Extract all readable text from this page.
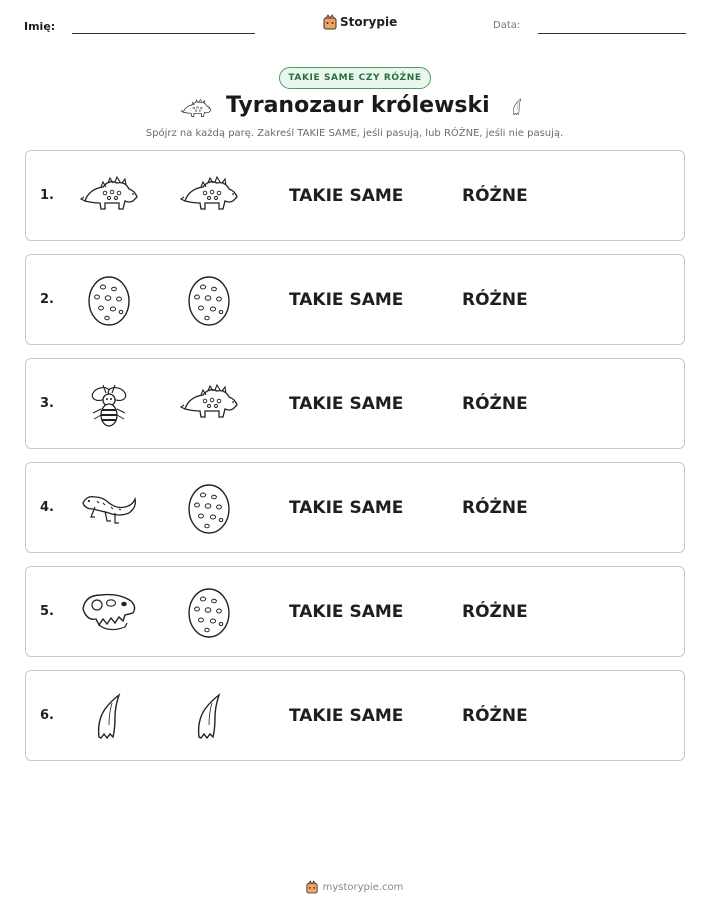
Imię:	Storypie	Data:
TAKIE SAME CZY RÓŻNE
Tyranozaur królewski
Spójrz na każdą parę. Zakreśl TAKIE SAME, jeśli pasują, lub RÓŻNE, jeśli nie pasują.
1.	TAKIE SAME	RÓŻNE
2.	TAKIE SAME	RÓŻNE
3.	TAKIE SAME	RÓŻNE
4.	TAKIE SAME	RÓŻNE
5.	TAKIE SAME	RÓŻNE
6.	TAKIE SAME	RÓŻNE
mystorypie.com
